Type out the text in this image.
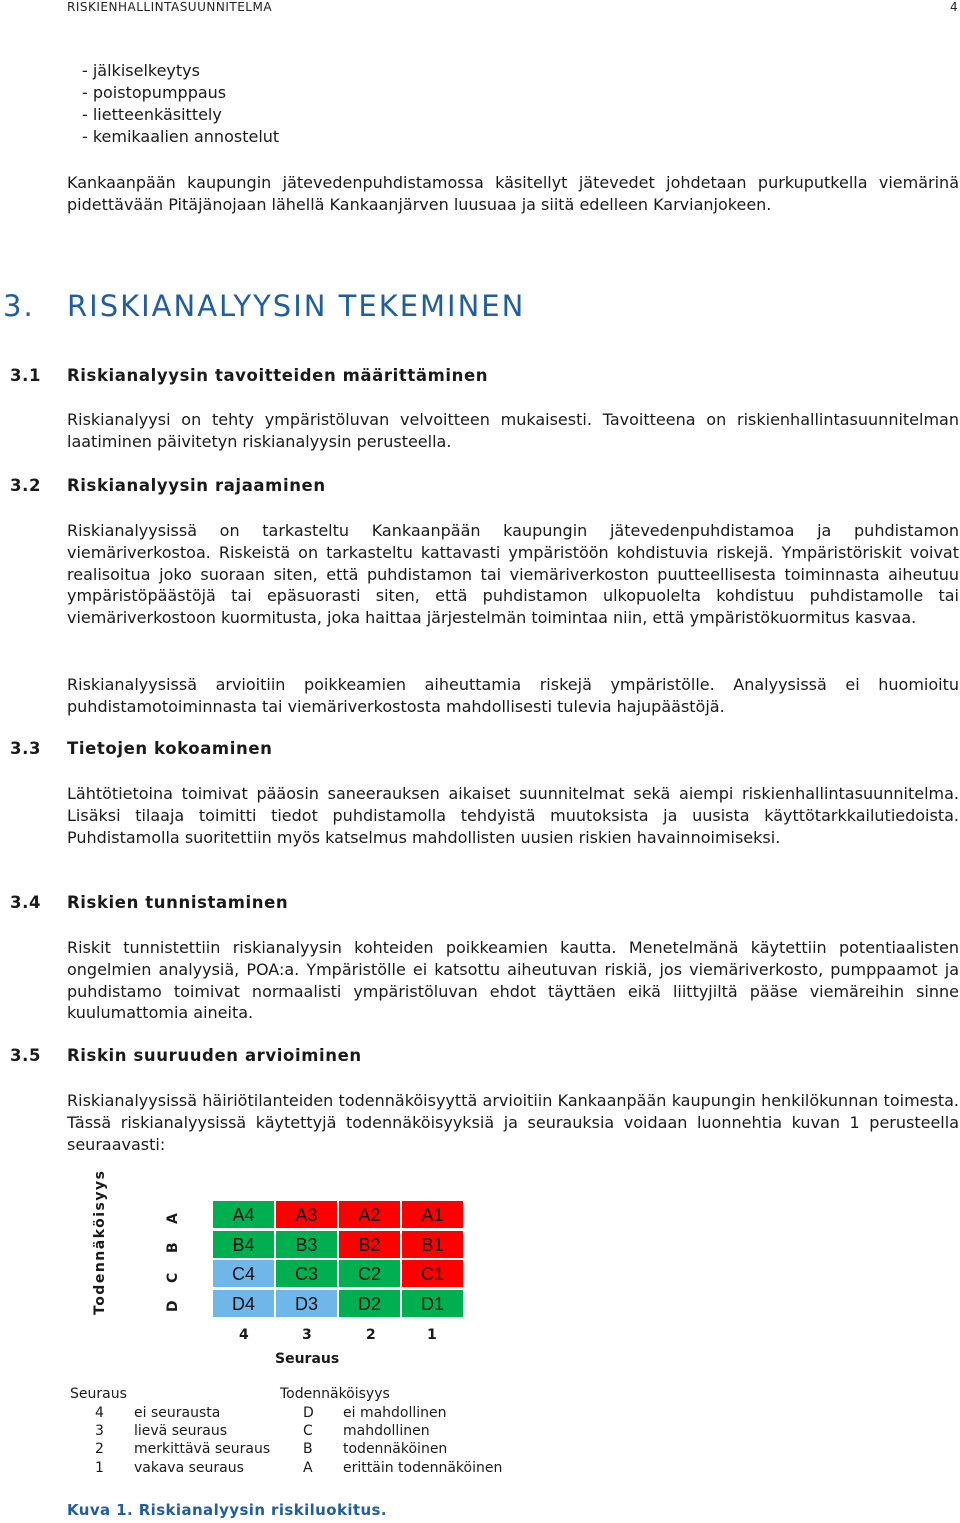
RISKIENHALLINTASUUNNITELMA	4
- jälkiselkeytys
- poistopumppaus
- lietteenkäsittely
- kemikaalien annostelut
Kankaanpään kaupungin jätevedenpuhdistamossa käsitellyt jätevedet johdetaan purkuputkella viemärinä pidettävään Pitäjänojaan lähellä Kankaanjärven luusuaa ja siitä edelleen Karvianjokeen.
3. RISKIANALYYSIN TEKEMINEN
3.1 Riskianalyysin tavoitteiden määrittäminen
Riskianalyysi on tehty ympäristöluvan velvoitteen mukaisesti. Tavoitteena on riskienhallintasuunnitelman laatiminen päivitetyn riskianalyysin perusteella.
3.2 Riskianalyysin rajaaminen
Riskianalyysissä on tarkasteltu Kankaanpään kaupungin jätevedenpuhdistamoa ja puhdistamon viemäriverkostoa. Riskeistä on tarkasteltu kattavasti ympäristöön kohdistuvia riskejä. Ympäristöriskit voivat realisoitua joko suoraan siten, että puhdistamon tai viemäriverkoston puutteellisesta toiminnasta aiheutuu ympäristöpäästöjä tai epäsuorasti siten, että puhdistamon ulkopuolelta kohdistuu puhdistamolle tai viemäriverkostoon kuormitusta, joka haittaa järjestelmän toimintaa niin, että ympäristökuormitus kasvaa.
Riskianalyysissä arvioitiin poikkeamien aiheuttamia riskejä ympäristölle. Analyysissä ei huomioitu puhdistamotoiminnasta tai viemäriverkostosta mahdollisesti tulevia hajupäästöjä.
3.3 Tietojen kokoaminen
Lähtötietoina toimivat pääosin saneerauksen aikaiset suunnitelmat sekä aiempi riskienhallintasuunnitelma. Lisäksi tilaaja toimitti tiedot puhdistamolla tehdyistä muutoksista ja uusista käyttötarkkailutiedoista. Puhdistamolla suoritettiin myös katselmus mahdollisten uusien riskien havainnoimiseksi.
3.4 Riskien tunnistaminen
Riskit tunnistettiin riskianalyysin kohteiden poikkeamien kautta. Menetelmänä käytettiin potentiaalisten ongelmien analyysiä, POA:a. Ympäristölle ei katsottu aiheutuvan riskiä, jos viemäriverkosto, pumppaamot ja puhdistamo toimivat normaalisti ympäristöluvan ehdot täyttäen eikä liittyjiltä pääse viemäreihin sinne kuulumattomia aineita.
3.5 Riskin suuruuden arvioiminen
Riskianalyysissä häiriötilanteiden todennäköisyyttä arvioitiin Kankaanpään kaupungin henkilökunnan toimesta. Tässä riskianalyysissä käytettyjä todennäköisyyksiä ja seurauksia voidaan luonnehtia kuvan 1 perusteella seuraavasti:
Todennäköisyys	A
B
C
D
A4	A3	A2	A1
B4	B3	B2	B1
C4	C3	C2	C1
D4	D3	D2	D1
4	3	2	1
Seuraus
Seuraus	Todennäköisyys
4 ei seurausta
3 lievä seuraus
2 merkittävä seuraus
1 vakava seuraus
D ei mahdollinen
C mahdollinen
B todennäköinen
A erittäin todennäköinen
Kuva 1. Riskianalyysin riskiluokitus.
